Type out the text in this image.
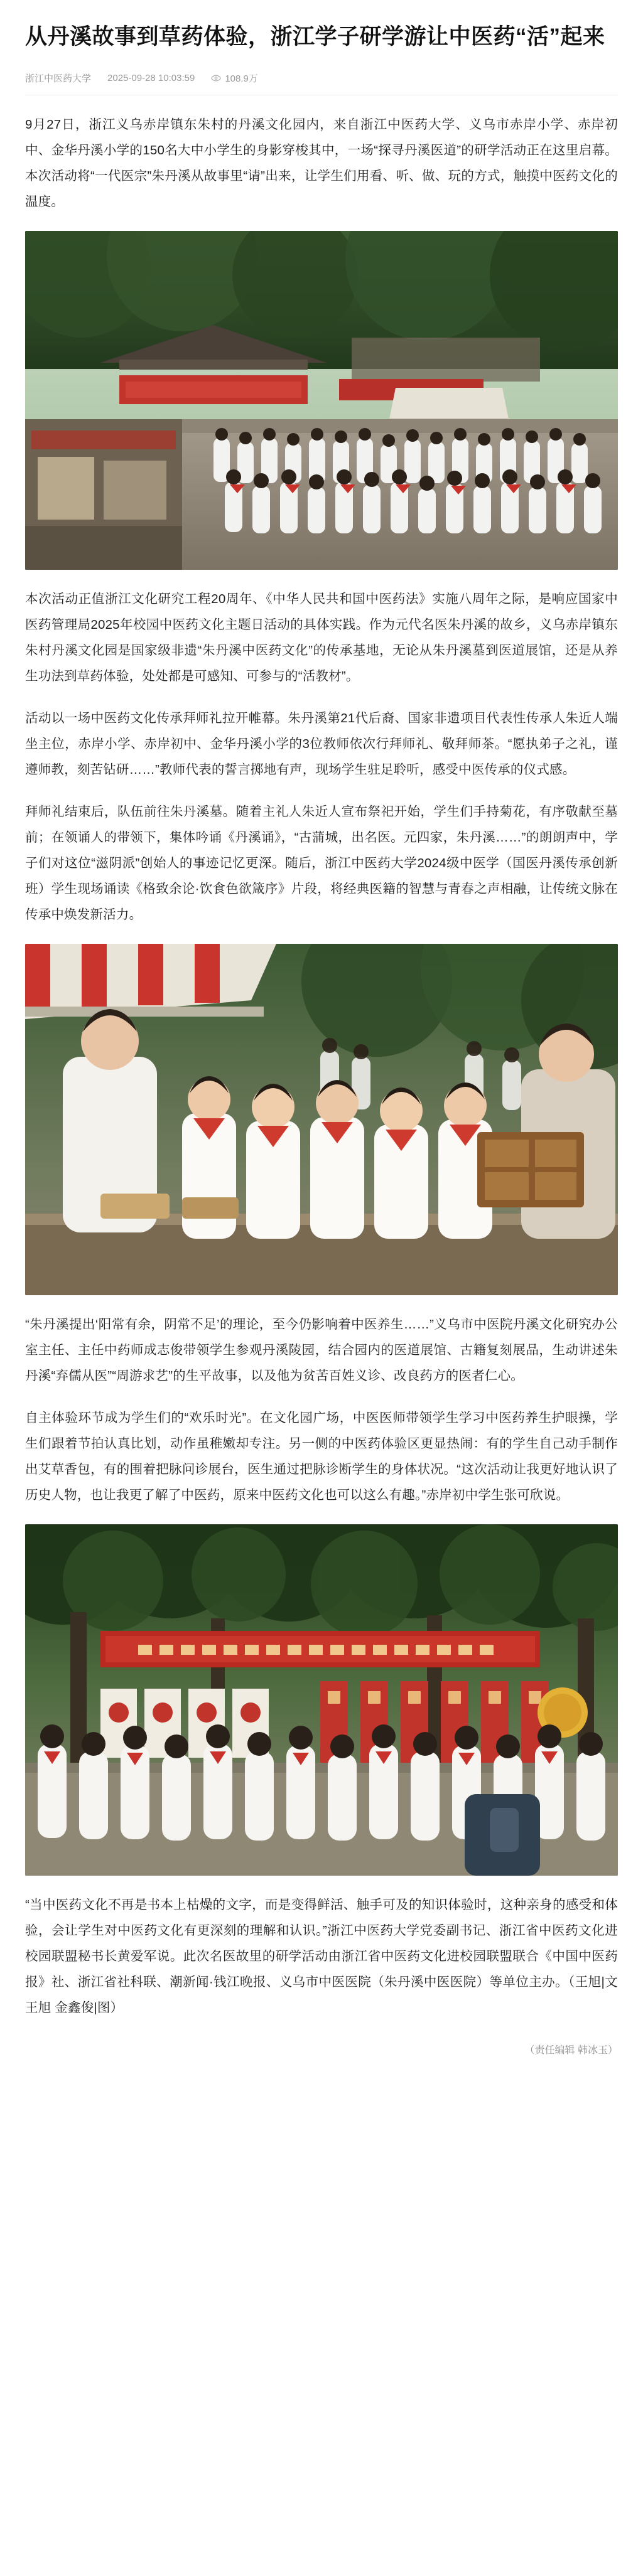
从丹溪故事到草药体验，浙江学子研学游让中医药“活”起来
浙江中医药大学 2025-09-28 10:03:59	108.9万

9月27日，浙江义乌赤岸镇东朱村的丹溪文化园内，来自浙江中医药大学、义乌市赤岸小学、赤岸初中、金华丹溪小学的150名大中小学生的身影穿梭其中，一场“探寻丹溪医道”的研学活动正在这里启幕。本次活动将“一代医宗”朱丹溪从故事里“请”出来，让学生们用看、听、做、玩的方式，触摸中医药文化的温度。

本次活动正值浙江文化研究工程20周年、《中华人民共和国中医药法》实施八周年之际，是响应国家中医药管理局2025年校园中医药文化主题日活动的具体实践。作为元代名医朱丹溪的故乡，义乌赤岸镇东朱村丹溪文化园是国家级非遗“朱丹溪中医药文化”的传承基地，无论从朱丹溪墓到医道展馆，还是从养生功法到草药体验，处处都是可感知、可参与的“活教材”。

活动以一场中医药文化传承拜师礼拉开帷幕。朱丹溪第21代后裔、国家非遗项目代表性传承人朱近人端坐主位，赤岸小学、赤岸初中、金华丹溪小学的3位教师依次行拜师礼、敬拜师茶。“愿执弟子之礼，谨遵师教，刻苦钻研……”教师代表的誓言掷地有声，现场学生驻足聆听，感受中医传承的仪式感。

拜师礼结束后，队伍前往朱丹溪墓。随着主礼人朱近人宣布祭祀开始，学生们手持菊花，有序敬献至墓前；在领诵人的带领下，集体吟诵《丹溪诵》，“古蒲城，出名医。元四家，朱丹溪……”的朗朗声中，学子们对这位“滋阴派”创始人的事迹记忆更深。随后，浙江中医药大学2024级中医学（国医丹溪传承创新班）学生现场诵读《格致余论·饮食色欲箴序》片段，将经典医籍的智慧与青春之声相融，让传统文脉在传承中焕发新活力。

“朱丹溪提出‘阳常有余，阴常不足’的理论，至今仍影响着中医养生……”义乌市中医院丹溪文化研究办公室主任、主任中药师成志俊带领学生参观丹溪陵园，结合园内的医道展馆、古籍复刻展品，生动讲述朱丹溪“弃儒从医”“周游求艺”的生平故事，以及他为贫苦百姓义诊、改良药方的医者仁心。

自主体验环节成为学生们的“欢乐时光”。在文化园广场，中医医师带领学生学习中医药养生护眼操，学生们跟着节拍认真比划，动作虽稚嫩却专注。另一侧的中医药体验区更显热闹：有的学生自己动手制作出艾草香包，有的围着把脉问诊展台，医生通过把脉诊断学生的身体状况。“这次活动让我更好地认识了历史人物，也让我更了解了中医药，原来中医药文化也可以这么有趣。”赤岸初中学生张可欣说。

“当中医药文化不再是书本上枯燥的文字，而是变得鲜活、触手可及的知识体验时，这种亲身的感受和体验，会让学生对中医药文化有更深刻的理解和认识。”浙江中医药大学党委副书记、浙江省中医药文化进校园联盟秘书长黄爱军说。此次名医故里的研学活动由浙江省中医药文化进校园联盟联合《中国中医药报》社、浙江省社科联、潮新闻·钱江晚报、义乌市中医医院（朱丹溪中医医院）等单位主办。（王旭|文 王旭 金鑫俊|图）

（责任编辑 韩冰玉）
